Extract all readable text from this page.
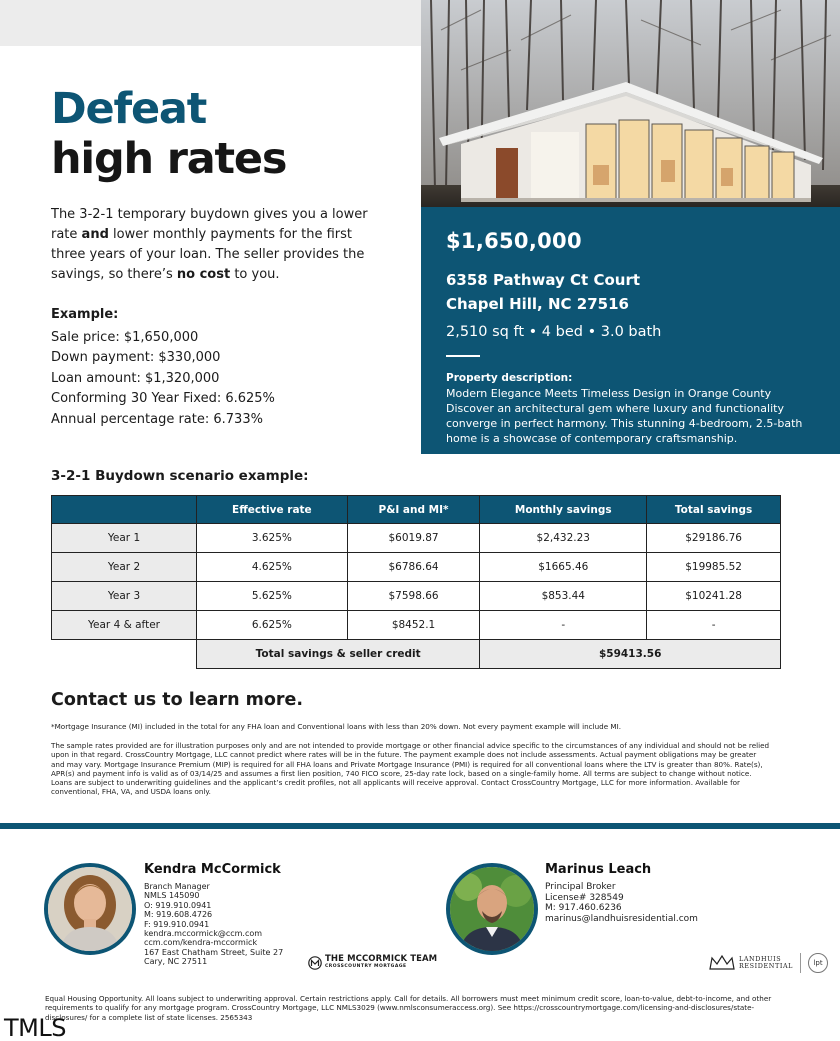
$1,650,000
6358 Pathway Ct Court
Chapel Hill, NC 27516
2,510 sq ft • 4 bed • 3.0 bath
Property description:
Modern Elegance Meets Timeless Design in Orange County Discover an architectural gem where luxury and functionality converge in perfect harmony. This stunning 4-bedroom, 2.5-bath home is a showcase of contemporary craftsmanship.
Defeat
high rates
The 3-2-1 temporary buydown gives you a lower rate and lower monthly payments for the first three years of your loan. The seller provides the savings, so there’s no cost to you.
Example:
Sale price: $1,650,000
Down payment: $330,000
Loan amount: $1,320,000
Conforming 30 Year Fixed: 6.625%
Annual percentage rate: 6.733%
3-2-1 Buydown scenario example:
	Effective rate	P&I and MI*	Monthly savings	Total savings
Year 1	3.625%	$6019.87	$2,432.23	$29186.76
Year 2	4.625%	$6786.64	$1665.46	$19985.52
Year 3	5.625%	$7598.66	$853.44	$10241.28
Year 4 & after	6.625%	$8452.1	-	-
	Total savings & seller credit		$59413.56	
Contact us to learn more.
*Mortgage Insurance (MI) included in the total for any FHA loan and Conventional loans with less than 20% down. Not every payment example will include MI.
The sample rates provided are for illustration purposes only and are not intended to provide mortgage or other financial advice specific to the circumstances of any individual and should not be relied upon in that regard. CrossCountry Mortgage, LLC cannot predict where rates will be in the future. The payment example does not include assessments. Actual payment obligations may be greater and may vary. Mortgage Insurance Premium (MIP) is required for all FHA loans and Private Mortgage Insurance (PMI) is required for all conventional loans where the LTV is greater than 80%. Rate(s), APR(s) and payment info is valid as of 03/14/25 and assumes a first lien position, 740 FICO score, 25-day rate lock, based on a single-family home. All terms are subject to change without notice. Loans are subject to underwriting guidelines and the applicant’s credit profiles, not all applicants will receive approval. Contact CrossCountry Mortgage, LLC for more information. Available for conventional, FHA, VA, and USDA loans only.
Kendra McCormick
Branch Manager
NMLS 145090
O: 919.910.0941
M: 919.608.4726
F: 919.910.0941
kendra.mccormick@ccm.com
ccm.com/kendra-mccormick
167 East Chatham Street, Suite 27
Cary, NC 27511
Marinus Leach
Principal Broker
License# 328549
M: 917.460.6236
marinus@landhuisresidential.com
THE MCCORMICK TEAM
CROSSCOUNTRY MORTGAGE
LANDHUIS
RESIDENTIAL	lpt
Equal Housing Opportunity. All loans subject to underwriting approval. Certain restrictions apply. Call for details. All borrowers must meet minimum credit score, loan-to-value, debt-to-income, and other requirements to qualify for any mortgage program. CrossCountry Mortgage, LLC NMLS3029 (www.nmlsconsumeraccess.org). See https://crosscountrymortgage.com/licensing-and-disclosures/state-disclosures/ for a complete list of state licenses. 2565343
TMLS
